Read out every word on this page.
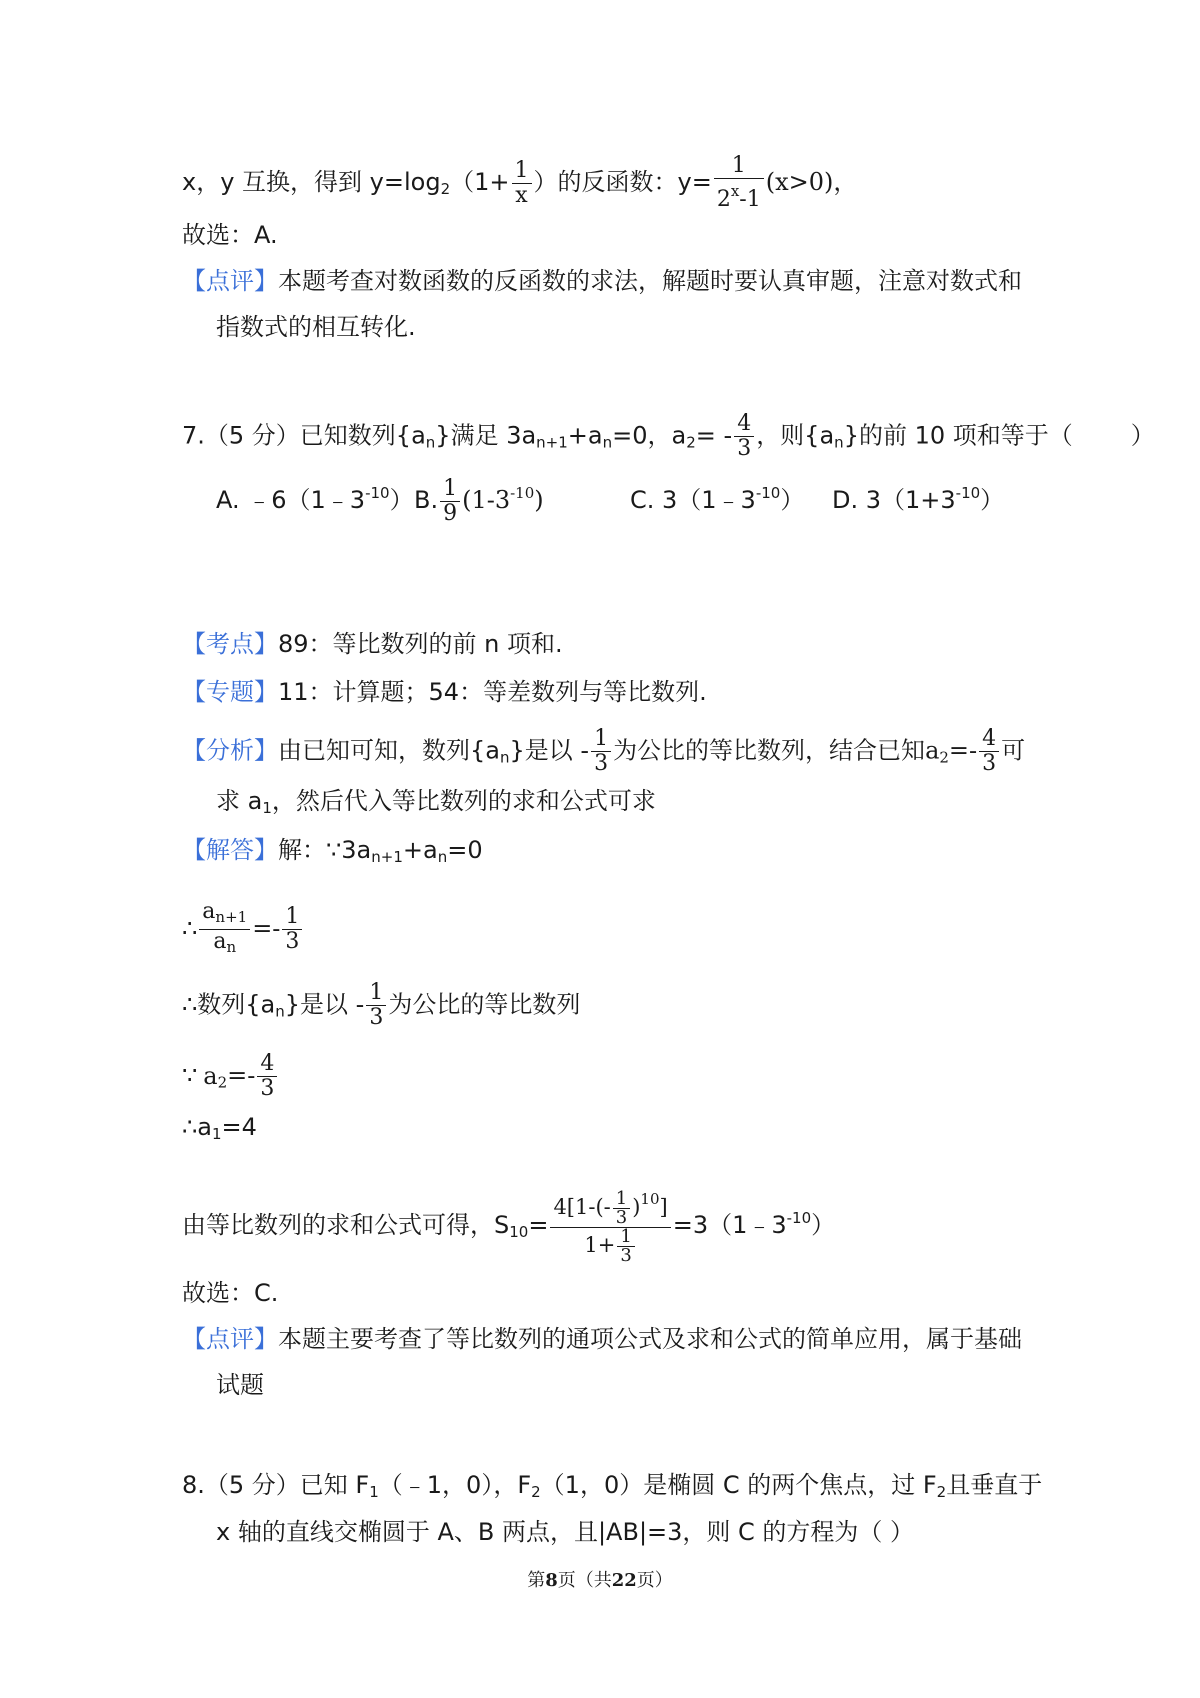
x，y 互换，得到 $y=\log_2(1+ \frac{1}{x}$ ）的反函数：$y= \frac{1}{2^x-1} (x>0)$，
故选：A.
【点评】本题考查对数函数的反函数的求法，解题时要认真审题，注意对数式和
指数式的相互转化.
7.（5 分）已知数列$\{a_n\}$满足 $3a_{n+1}+a_n=0$，$a_2= - \frac{4}{3}$ ，则$\{a_n\}$的前 10 项和等于（ ）
A. $﹣6(1﹣3^{-10})$ B. $\frac{1}{9} (1-3^{-10})$	C. $3(1﹣3^{-10})$ D. $3(1+3^{-10})$
【考点】89：等比数列的前 n 项和.
【专题】11：计算题；54：等差数列与等比数列.
【分析】由已知可知，数列$\{a_n\}$是以 - $\frac{1}{3}$ 为公比的等比数列，结合已知$a_2=- \frac{4}{3}$ 可
求 $a_1$，然后代入等比数列的求和公式可求
【解答】解：$\because 3a_{n+1}+a_n=0$
∴ $\frac{a_{n+1}}{a_n} =- \frac{1}{3}$
∴数列$\{a_n\}$是以 - $\frac{1}{3}$ 为公比的等比数列
∵ $a_2=- \frac{4}{3}$
$\therefore a_1=4$
由等比数列的求和公式可得，$S_{10}= \frac{4[1-(- \frac{1}{3} )^{10}]}{1+ \frac{1}{3}}$ $=3(1﹣3^{-10})$
故选：C.
【点评】本题主要考查了等比数列的通项公式及求和公式的简单应用，属于基础
试题
8.（5 分）已知 $F_1(﹣1$，0），$F_2(1$，0）是椭圆 C 的两个焦点，过 $F_2$且垂直于
x 轴的直线交椭圆于 A、B 两点，且|AB|=3，则 C 的方程为（ ）
第8页（共22页）
